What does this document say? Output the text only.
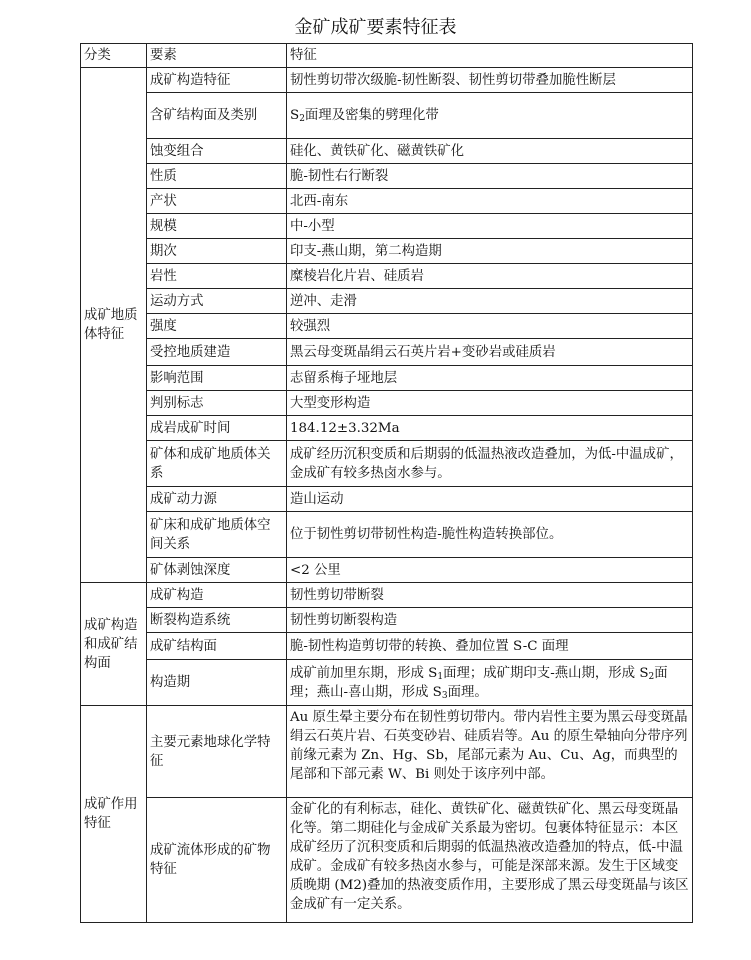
金矿成矿要素特征表
分类	要素	特征
成矿地质体特征	成矿构造特征	韧性剪切带次级脆-韧性断裂、韧性剪切带叠加脆性断层
	含矿结构面及类别	$S_2$面理及密集的劈理化带
	蚀变组合	硅化、黄铁矿化、磁黄铁矿化
	性质	脆-韧性右行断裂
	产状	北西-南东
	规模	中-小型
	期次	印支-燕山期，第二构造期
	岩性	糜棱岩化片岩、硅质岩
	运动方式	逆冲、走滑
	强度	较强烈
	受控地质建造	黑云母变斑晶绢云石英片岩+变砂岩或硅质岩
	影响范围	志留系梅子垭地层
	判别标志	大型变形构造
	成岩成矿时间	184.12±3.32Ma
	矿体和成矿地质体关系	成矿经历沉积变质和后期弱的低温热液改造叠加，为低-中温成矿，金成矿有较多热卤水参与。
	成矿动力源	造山运动
	矿床和成矿地质体空间关系	位于韧性剪切带韧性构造-脆性构造转换部位。
	矿体剥蚀深度	<2 公里
成矿构造和成矿结构面	成矿构造	韧性剪切带断裂
	断裂构造系统	韧性剪切断裂构造
	成矿结构面	脆-韧性构造剪切带的转换、叠加位置 S-C 面理
	构造期	成矿前加里东期，形成 $S_1$面理；成矿期印支-燕山期，形成 $S_2$面理；燕山-喜山期，形成 $S_3$面理。
成矿作用特征	主要元素地球化学特征	Au 原生晕主要分布在韧性剪切带内。带内岩性主要为黑云母变斑晶绢云石英片岩、石英变砂岩、硅质岩等。Au 的原生晕轴向分带序列前缘元素为 Zn、Hg、Sb，尾部元素为 Au、Cu、Ag，而典型的尾部和下部元素 W、Bi 则处于该序列中部。
	成矿流体形成的矿物特征	金矿化的有利标志，硅化、黄铁矿化、磁黄铁矿化、黑云母变斑晶化等。第二期硅化与金成矿关系最为密切。包裹体特征显示：本区成矿经历了沉积变质和后期弱的低温热液改造叠加的特点，低-中温成矿。金成矿有较多热卤水参与，可能是深部来源。发生于区域变质晚期 (M2)叠加的热液变质作用，主要形成了黑云母变斑晶与该区金成矿有一定关系。
